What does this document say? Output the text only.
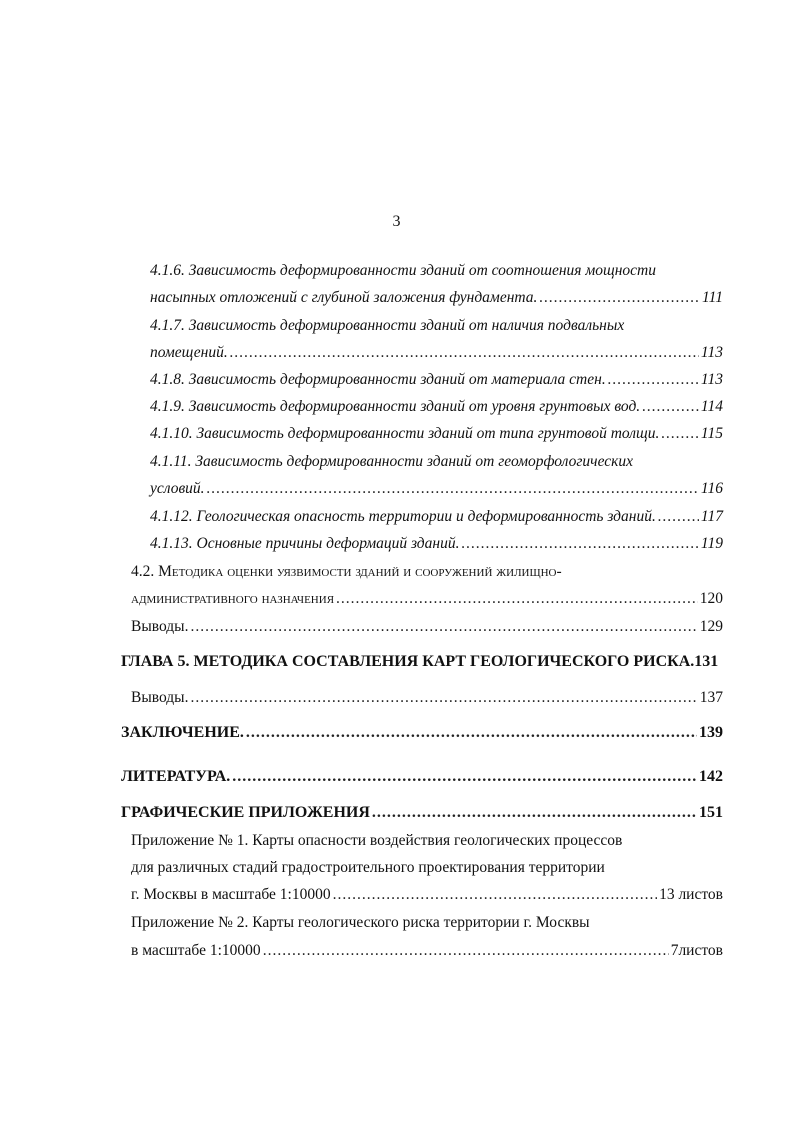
3
4.1.6. Зависимость деформированности зданий от соотношения мощности
насыпных отложений с глубиной заложения фундамента. .....	111
4.1.7. Зависимость деформированности зданий от наличия подвальных
помещений. .....	113
4.1.8. Зависимость деформированности зданий от материала стен. .....	113
4.1.9. Зависимость деформированности зданий от уровня грунтовых вод. .....	114
4.1.10. Зависимость деформированности зданий от типа грунтовой толщи. .....	115
4.1.11. Зависимость деформированности зданий от геоморфологических
условий. .....	116
4.1.12. Геологическая опасность территории и деформированность зданий. .....	117
4.1.13. Основные причины деформаций зданий. .....	119
4.2. Методика оценки уязвимости зданий и сооружений жилищно-
административного назначения .....	120
Выводы. .....	129
ГЛАВА 5. МЕТОДИКА СОСТАВЛЕНИЯ КАРТ ГЕОЛОГИЧЕСКОГО РИСКА. 131
Выводы. .....	137
ЗАКЛЮЧЕНИЕ. .....	139
ЛИТЕРАТУРА. .....	142
ГРАФИЧЕСКИЕ ПРИЛОЖЕНИЯ .....	151
Приложение № 1. Карты опасности воздействия геологических процессов
для различных стадий градостроительного проектирования территории
г. Москвы в масштабе 1:10000 .....	13 листов
Приложение № 2. Карты геологического риска территории г. Москвы
в масштабе 1:10000 .....	7листов
